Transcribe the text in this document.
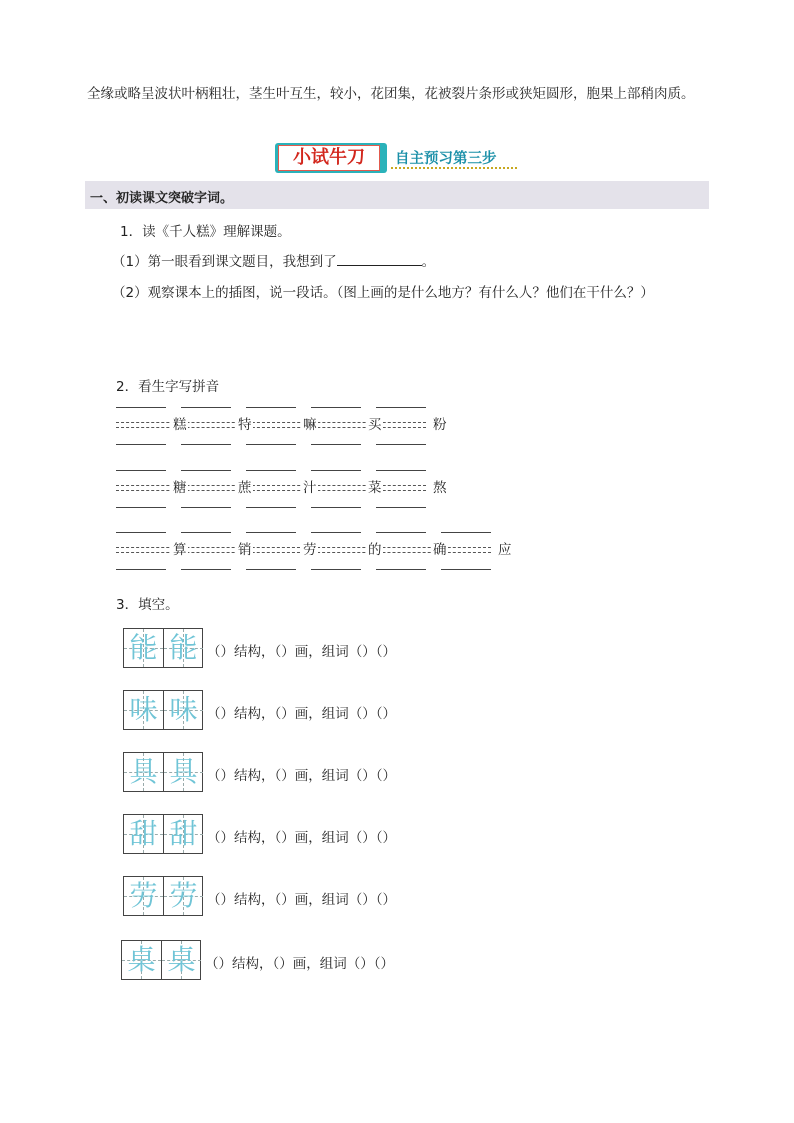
全缘或略呈波状叶柄粗壮，茎生叶互生，较小，花团集，花被裂片条形或狭矩圆形，胞果上部稍肉质。
小试牛刀	自主预习第三步
一、初读课文突破字词。
1．读《千人糕》理解课题。
（1）第一眼看到课文题目，我想到了	。
（2）观察课本上的插图，说一段话。（图上画的是什么地方？有什么人？他们在干什么？）
2．看生字写拼音
糕	特	嘛	买	粉
糖	蔗	汁	菜	熬
算	销	劳	的	确	应
3．填空。
能 能 （）结构，（）画，组词（）（）
味 味 （）结构，（）画，组词（）（）
具 具 （）结构，（）画，组词（）（）
甜 甜 （）结构，（）画，组词（）（）
劳 劳 （）结构，（）画，组词（）（）
桌 桌 （）结构，（）画，组词（）（）
